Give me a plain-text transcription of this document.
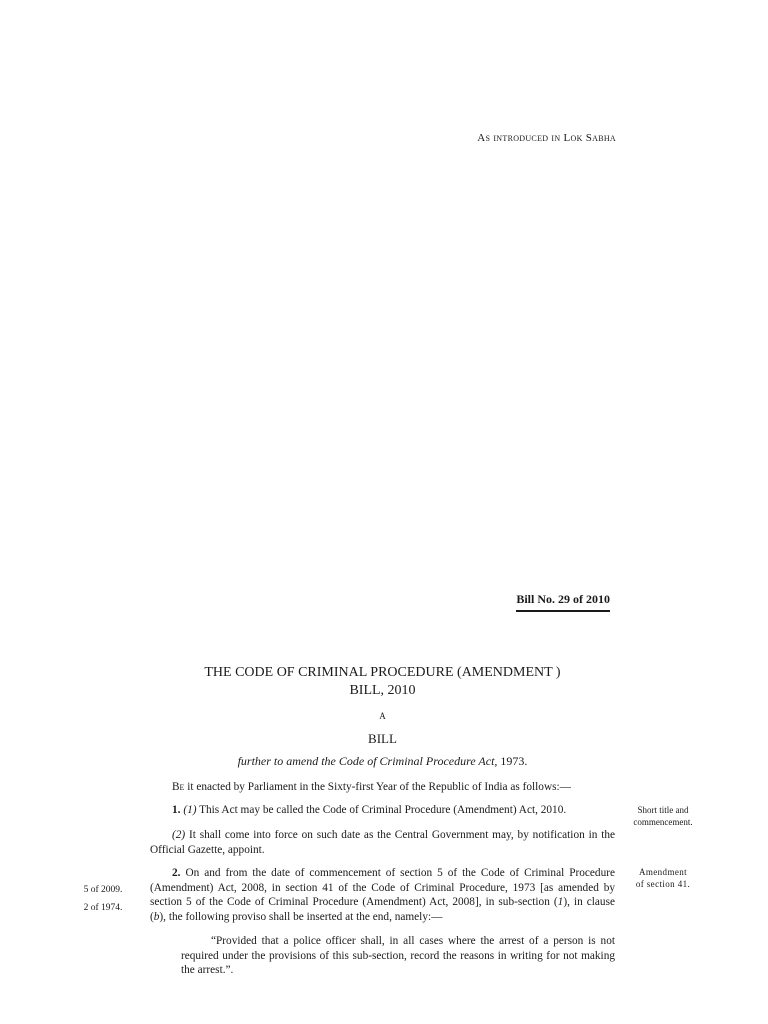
As introduced in Lok Sabha
Bill No. 29 of 2010
THE CODE OF CRIMINAL PROCEDURE (AMENDMENT )
BILL, 2010
A
BILL
further to amend the Code of Criminal Procedure Act, 1973.
Be it enacted by Parliament in the Sixty-first Year of the Republic of India as follows:—
1. (1) This Act may be called the Code of Criminal Procedure (Amendment) Act, 2010.
(2) It shall come into force on such date as the Central Government may, by notification in the Official Gazette, appoint.
Short title and
commencement.
2. On and from the date of commencement of section 5 of the Code of Criminal Procedure (Amendment) Act, 2008, in section 41 of the Code of Criminal Procedure, 1973 [as amended by section 5 of the Code of Criminal Procedure (Amendment) Act, 2008], in sub-section (1), in clause (b), the following proviso shall be inserted at the end, namely:—
Amendment
of section 41.
5 of 2009.
2 of 1974.
“Provided that a police officer shall, in all cases where the arrest of a person is not required under the provisions of this sub-section, record the reasons in writing for not making the arrest.”.
